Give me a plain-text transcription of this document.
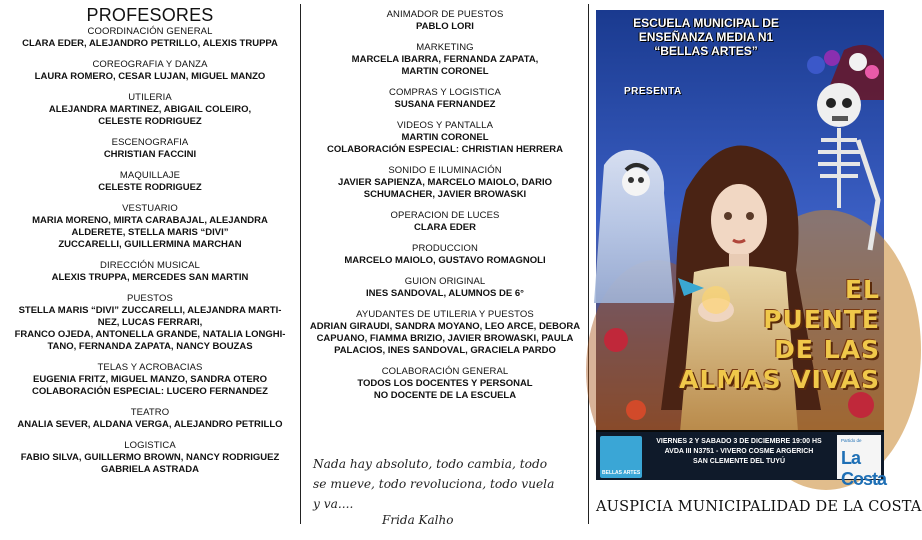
PROFESORES
COORDINACIÓN GENERAL
CLARA EDER, ALEJANDRO PETRILLO, ALEXIS TRUPPA
COREOGRAFIA Y DANZA
LAURA ROMERO, CESAR LUJAN, MIGUEL MANZO
UTILERIA
ALEJANDRA MARTINEZ, ABIGAIL COLEIRO,
CELESTE RODRIGUEZ
ESCENOGRAFIA
CHRISTIAN FACCINI
MAQUILLAJE
CELESTE RODRIGUEZ
VESTUARIO
MARIA MORENO, MIRTA CARABAJAL, ALEJANDRA
ALDERETE, STELLA MARIS “DIVI”
ZUCCARELLI, GUILLERMINA MARCHAN
DIRECCIÓN MUSICAL
ALEXIS TRUPPA, MERCEDES SAN MARTIN
PUESTOS
STELLA MARIS “DIVI” ZUCCARELLI, ALEJANDRA MARTI-
NEZ, LUCAS FERRARI,
FRANCO OJEDA, ANTONELLA GRANDE, NATALIA LONGHI-
TANO, FERNANDA ZAPATA, NANCY BOUZAS
TELAS Y ACROBACIAS
EUGENIA FRITZ, MIGUEL MANZO, SANDRA OTERO
COLABORACIÓN ESPECIAL: LUCERO FERNANDEZ
TEATRO
ANALIA SEVER, ALDANA VERGA, ALEJANDRO PETRILLO
LOGISTICA
FABIO SILVA, GUILLERMO BROWN, NANCY RODRIGUEZ
GABRIELA ASTRADA
ANIMADOR DE PUESTOS
PABLO LORI
MARKETING
MARCELA IBARRA, FERNANDA ZAPATA,
MARTIN CORONEL
COMPRAS Y LOGISTICA
SUSANA FERNANDEZ
VIDEOS Y PANTALLA
MARTIN CORONEL
COLABORACIÓN ESPECIAL: CHRISTIAN HERRERA
SONIDO E ILUMINACIÓN
JAVIER SAPIENZA, MARCELO MAIOLO, DARIO
SCHUMACHER, JAVIER BROWASKI
OPERACION DE LUCES
CLARA EDER
PRODUCCION
MARCELO MAIOLO, GUSTAVO ROMAGNOLI
GUION ORIGINAL
INES SANDOVAL, ALUMNOS DE 6°
AYUDANTES DE UTILERIA Y PUESTOS
ADRIAN GIRAUDI, SANDRA MOYANO, LEO ARCE, DEBORA
CAPUANO, FIAMMA BRIZIO, JAVIER BROWASKI, PAULA
PALACIOS, INES SANDOVAL, GRACIELA PARDO
COLABORACIÓN GENERAL
TODOS LOS DOCENTES Y PERSONAL
NO DOCENTE DE LA ESCUELA
Nada hay absoluto, todo cambia, todo
se mueve, todo revoluciona, todo vuela
y va....
Frida Kalho
ESCUELA MUNICIPAL DE
ENSEÑANZA MEDIA N1
“BELLAS ARTES”
PRESENTA
EL
PUENTE
DE LAS
ALMAS VIVAS
BELLAS ARTES
VIERNES 2 Y SABADO 3 DE DICIEMBRE 19:00 HS
AVDA III N3751 - VIVERO COSME ARGERICH
SAN CLEMENTE DEL TUYÚ
Partido de
La Costa
AUSPICIA MUNICIPALIDAD DE LA COSTA
